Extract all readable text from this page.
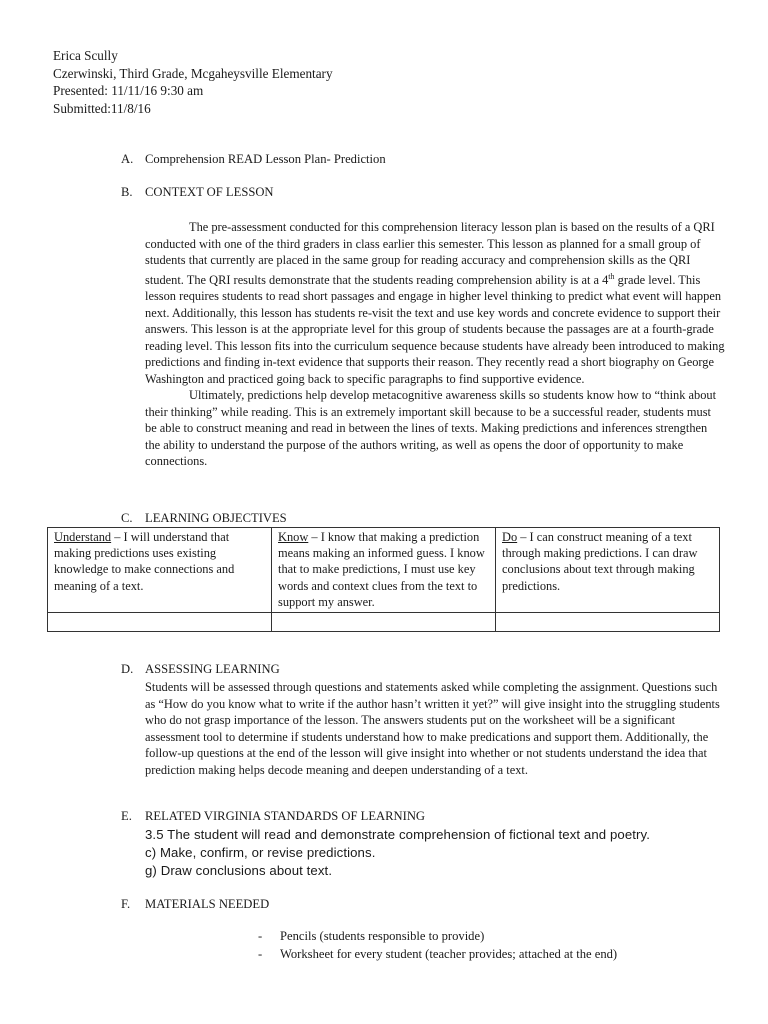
Erica Scully
Czerwinski, Third Grade, Mcgaheysville Elementary
Presented: 11/11/16 9:30 am
Submitted:11/8/16
A. Comprehension READ Lesson Plan- Prediction
B. CONTEXT OF LESSON

The pre-assessment conducted for this comprehension literacy lesson plan is based on the results of a QRI conducted with one of the third graders in class earlier this semester. This lesson as planned for a small group of students that currently are placed in the same group for reading accuracy and comprehension skills as the QRI student. The QRI results demonstrate that the students reading comprehension ability is at a 4th grade level. This lesson requires students to read short passages and engage in higher level thinking to predict what event will happen next. Additionally, this lesson has students re-visit the text and use key words and concrete evidence to support their answers. This lesson is at the appropriate level for this group of students because the passages are at a fourth-grade reading level. This lesson fits into the curriculum sequence because students have already been introduced to making predictions and finding in-text evidence that supports their reason. They recently read a short biography on George Washington and practiced going back to specific paragraphs to find supportive evidence.

Ultimately, predictions help develop metacognitive awareness skills so students know how to “think about their thinking” while reading. This is an extremely important skill because to be a successful reader, students must be able to construct meaning and read in between the lines of texts. Making predictions and inferences strengthen the ability to understand the purpose of the authors writing, as well as opens the door of opportunity to make connections.

C. LEARNING OBJECTIVES
Understand – I will understand that making predictions uses existing knowledge to make connections and meaning of a text.	Know – I know that making a prediction means making an informed guess. I know that to make predictions, I must use key words and context clues from the text to support my answer.	Do – I can construct meaning of a text through making predictions. I can draw conclusions about text through making predictions.

D. ASSESSING LEARNING
Students will be assessed through questions and statements asked while completing the assignment. Questions such as “How do you know what to write if the author hasn’t written it yet?” will give insight into the struggling students who do not grasp importance of the lesson. The answers students put on the worksheet will be a significant assessment tool to determine if students understand how to make predications and support them. Additionally, the follow-up questions at the end of the lesson will give insight into whether or not students understand the idea that prediction making helps decode meaning and deepen understanding of a text.
E. RELATED VIRGINIA STANDARDS OF LEARNING
3.5 The student will read and demonstrate comprehension of fictional text and poetry.
c) Make, confirm, or revise predictions.
g) Draw conclusions about text.
F. MATERIALS NEEDED
- Pencils (students responsible to provide)
- Worksheet for every student (teacher provides; attached at the end)
